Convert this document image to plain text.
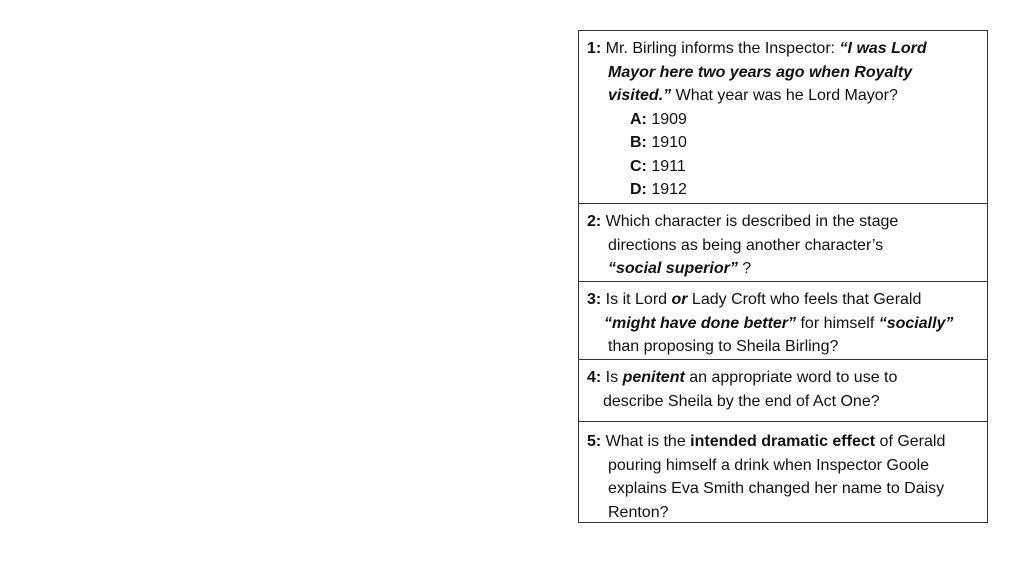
1: Mr. Birling informs the Inspector: “I was Lord
Mayor here two years ago when Royalty
visited.” What year was he Lord Mayor?
A: 1909
B: 1910
C: 1911
D: 1912
2: Which character is described in the stage
directions as being another character’s
“social superior” ?
3: Is it Lord or Lady Croft who feels that Gerald
“might have done better” for himself “socially”
than proposing to Sheila Birling?
4: Is penitent an appropriate word to use to
describe Sheila by the end of Act One?
5: What is the intended dramatic effect of Gerald
pouring himself a drink when Inspector Goole
explains Eva Smith changed her name to Daisy
Renton?
